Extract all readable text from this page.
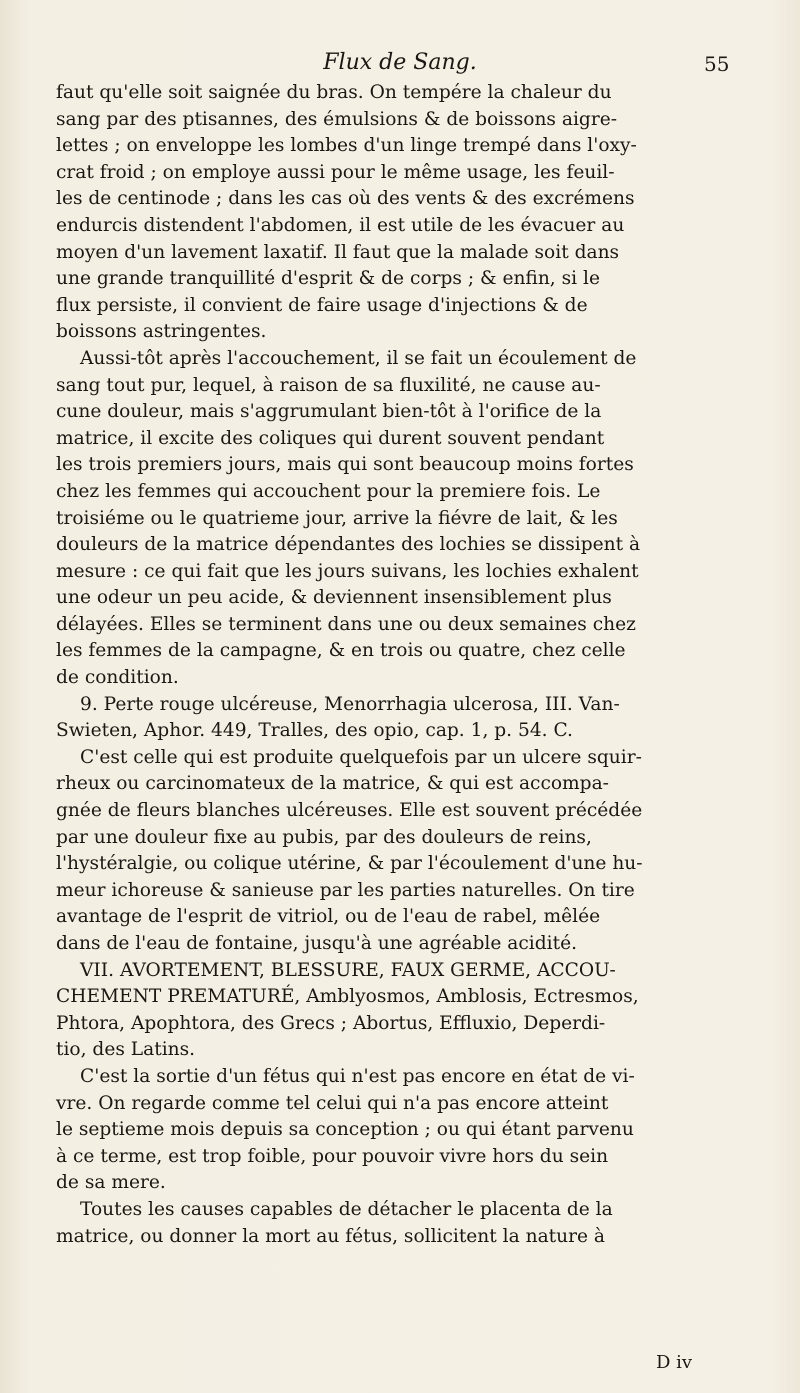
Flux de Sang.	55

faut qu'elle soit saignée du bras. On tempére la chaleur du
sang par des ptisannes, des émulsions & de boissons aigre-
lettes ; on enveloppe les lombes d'un linge trempé dans l'oxy-
crat froid ; on employe aussi pour le même usage, les feuil-
les de centinode ; dans les cas où des vents & des excrémens
endurcis distendent l'abdomen, il est utile de les évacuer au
moyen d'un lavement laxatif. Il faut que la malade soit dans
une grande tranquillité d'esprit & de corps ; & enfin, si le
flux persiste, il convient de faire usage d'injections & de
boissons astringentes.

Aussi-tôt après l'accouchement, il se fait un écoulement de
sang tout pur, lequel, à raison de sa fluxilité, ne cause au-
cune douleur, mais s'aggrumulant bien-tôt à l'orifice de la
matrice, il excite des coliques qui durent souvent pendant
les trois premiers jours, mais qui sont beaucoup moins fortes
chez les femmes qui accouchent pour la premiere fois. Le
troisiéme ou le quatrieme jour, arrive la fiévre de lait, & les
douleurs de la matrice dépendantes des lochies se dissipent à
mesure : ce qui fait que les jours suivans, les lochies exhalent
une odeur un peu acide, & deviennent insensiblement plus
délayées. Elles se terminent dans une ou deux semaines chez
les femmes de la campagne, & en trois ou quatre, chez celle
de condition.

9. Perte rouge ulcéreuse, Menorrhagia ulcerosa, III. Van-
Swieten, Aphor. 449, Tralles, des opio, cap. 1, p. 54. C.
C'est celle qui est produite quelquefois par un ulcere squir-
rheux ou carcinomateux de la matrice, & qui est accompa-
gnée de fleurs blanches ulcéreuses. Elle est souvent précédée
par une douleur fixe au pubis, par des douleurs de reins,
l'hystéralgie, ou colique utérine, & par l'écoulement d'une hu-
meur ichoreuse & sanieuse par les parties naturelles. On tire
avantage de l'esprit de vitriol, ou de l'eau de rabel, mêlée
dans de l'eau de fontaine, jusqu'à une agréable acidité.

VII. AVORTEMENT, BLESSURE, FAUX GERME, ACCOU-
CHEMENT PREMATURÉ, Amblyosmos, Amblosis, Ectresmos,
Phtora, Apophtora, des Grecs ; Abortus, Effluxio, Deperdi-
tio, des Latins.
C'est la sortie d'un fétus qui n'est pas encore en état de vi-
vre. On regarde comme tel celui qui n'a pas encore atteint
le septieme mois depuis sa conception ; ou qui étant parvenu
à ce terme, est trop foible, pour pouvoir vivre hors du sein
de sa mere.
Toutes les causes capables de détacher le placenta de la
matrice, ou donner la mort au fétus, sollicitent la nature à

D iv
